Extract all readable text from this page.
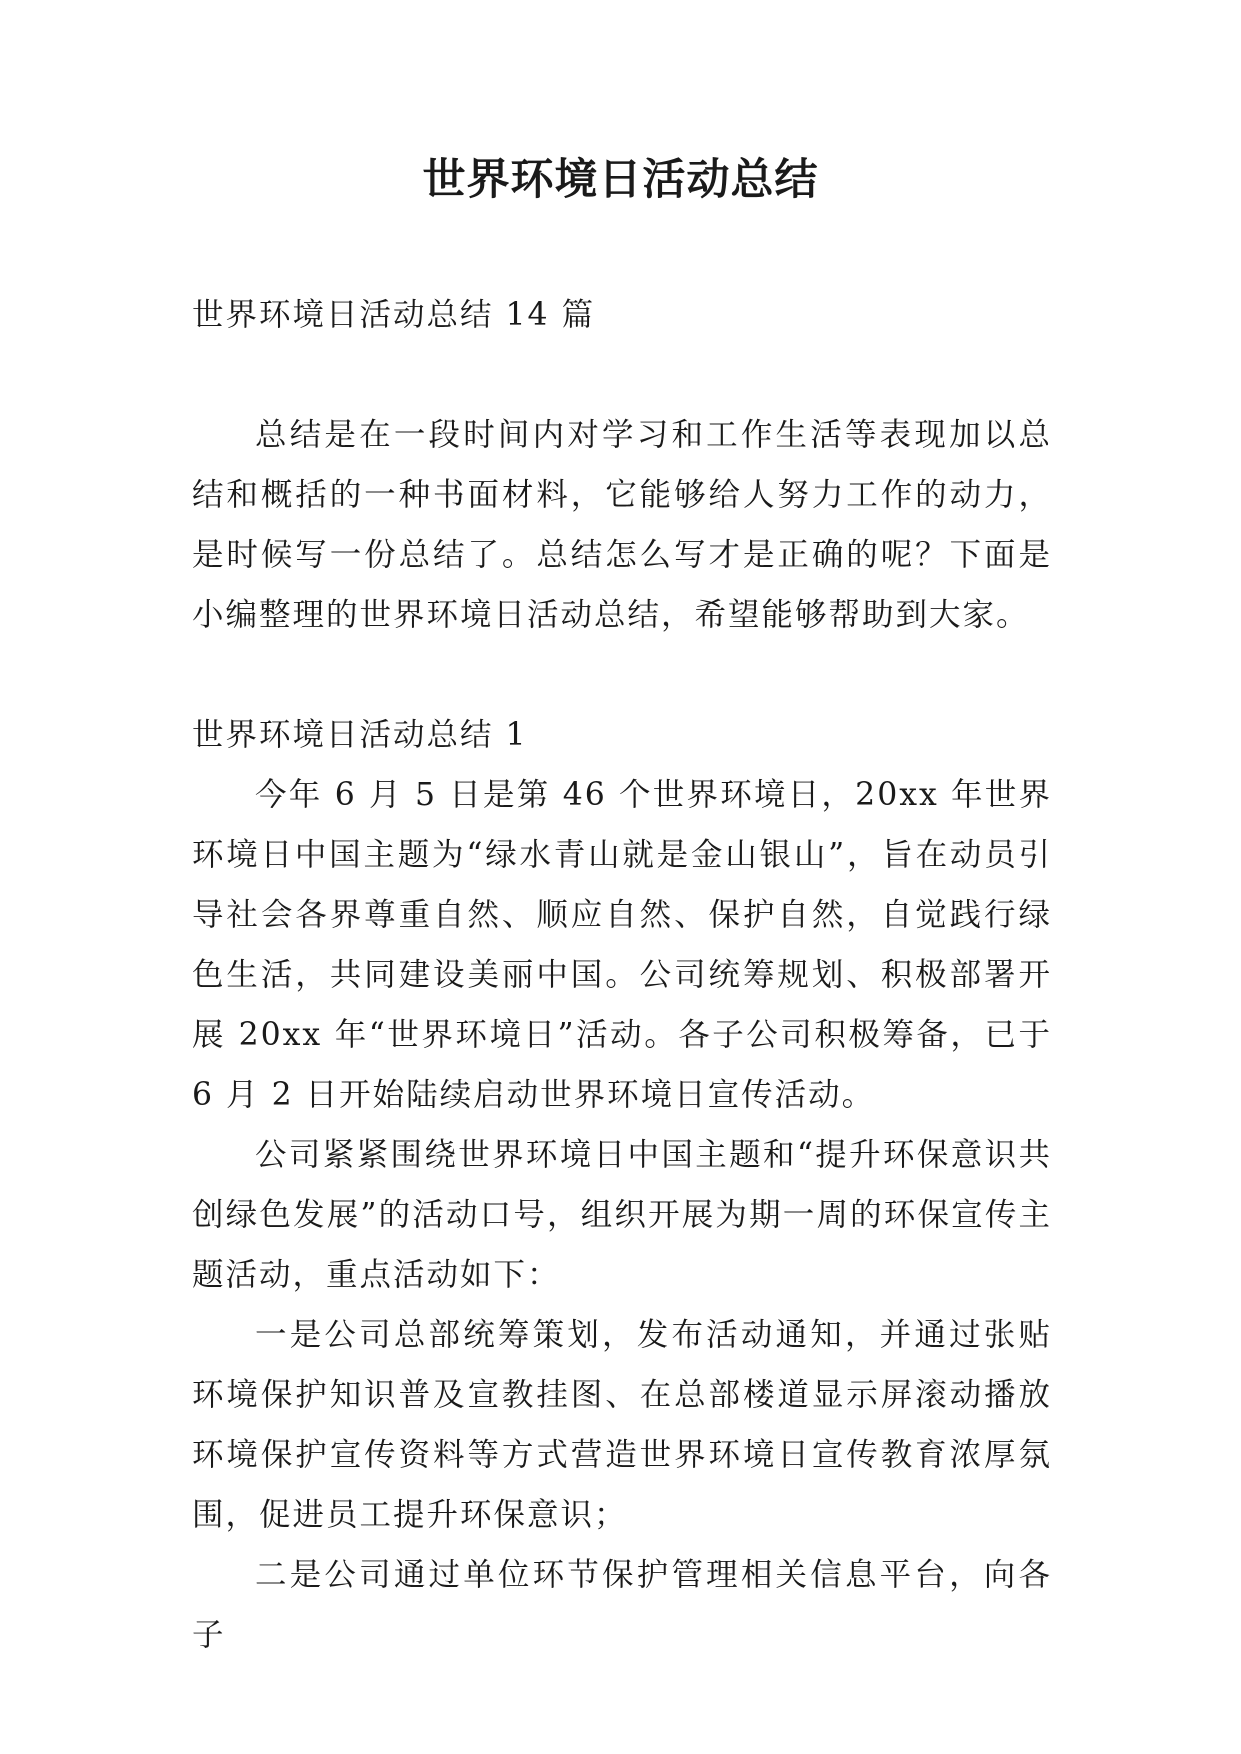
世界环境日活动总结

世界环境日活动总结 14 篇

总结是在一段时间内对学习和工作生活等表现加以总结和概括的一种书面材料，它能够给人努力工作的动力，是时候写一份总结了。总结怎么写才是正确的呢？下面是小编整理的世界环境日活动总结，希望能够帮助到大家。

世界环境日活动总结 1

今年 6 月 5 日是第 46 个世界环境日，20xx 年世界环境日中国主题为“绿水青山就是金山银山”，旨在动员引导社会各界尊重自然、顺应自然、保护自然，自觉践行绿色生活，共同建设美丽中国。公司统筹规划、积极部署开展 20xx 年“世界环境日”活动。各子公司积极筹备，已于 6 月 2 日开始陆续启动世界环境日宣传活动。

公司紧紧围绕世界环境日中国主题和“提升环保意识共创绿色发展”的活动口号，组织开展为期一周的环保宣传主题活动，重点活动如下：

一是公司总部统筹策划，发布活动通知，并通过张贴环境保护知识普及宣教挂图、在总部楼道显示屏滚动播放环境保护宣传资料等方式营造世界环境日宣传教育浓厚氛围，促进员工提升环保意识；

二是公司通过单位环节保护管理相关信息平台，向各子
